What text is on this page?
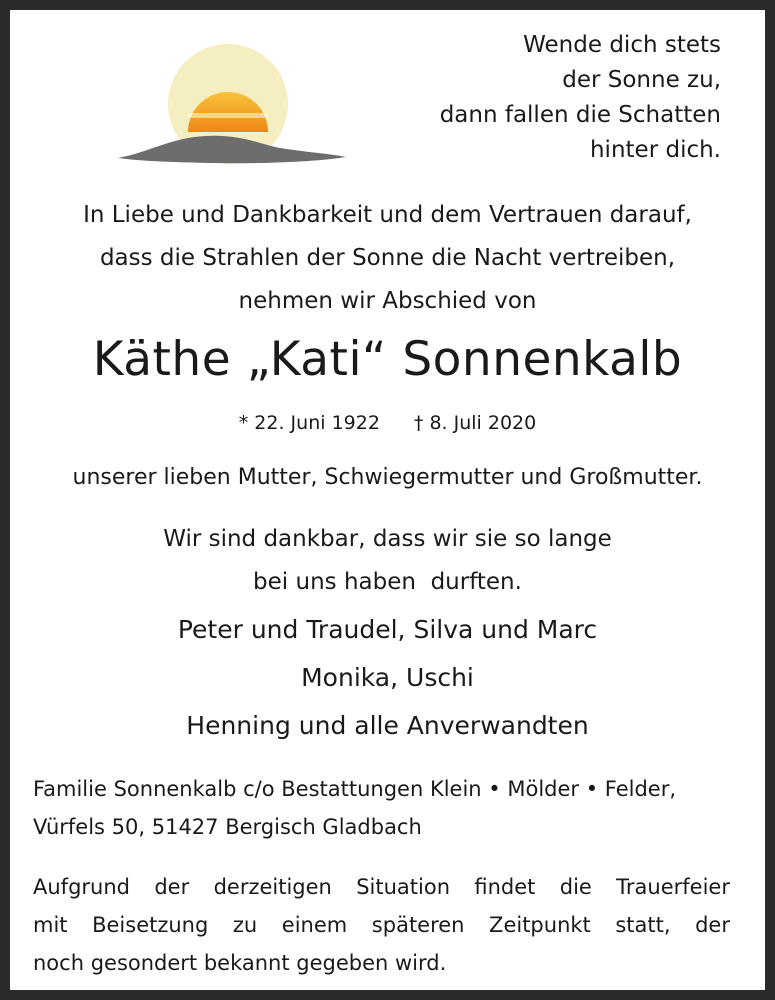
Wende dich stets
der Sonne zu,
dann fallen die Schatten
hinter dich.
In Liebe und Dankbarkeit und dem Vertrauen darauf,
dass die Strahlen der Sonne die Nacht vertreiben,
nehmen wir Abschied von
Käthe „Kati“ Sonnenkalb
* 22. Juni 1922 † 8. Juli 2020
unserer lieben Mutter, Schwiegermutter und Großmutter.
Wir sind dankbar, dass wir sie so lange
bei uns haben  durften.
Peter und Traudel, Silva und Marc
Monika, Uschi
Henning und alle Anverwandten
Familie Sonnenkalb c/o Bestattungen Klein • Mölder • Felder,
Vürfels 50, 51427 Bergisch Gladbach
Aufgrund der derzeitigen Situation findet die Trauerfeier
mit Beisetzung zu einem späteren Zeitpunkt statt, der
noch gesondert bekannt gegeben wird.
